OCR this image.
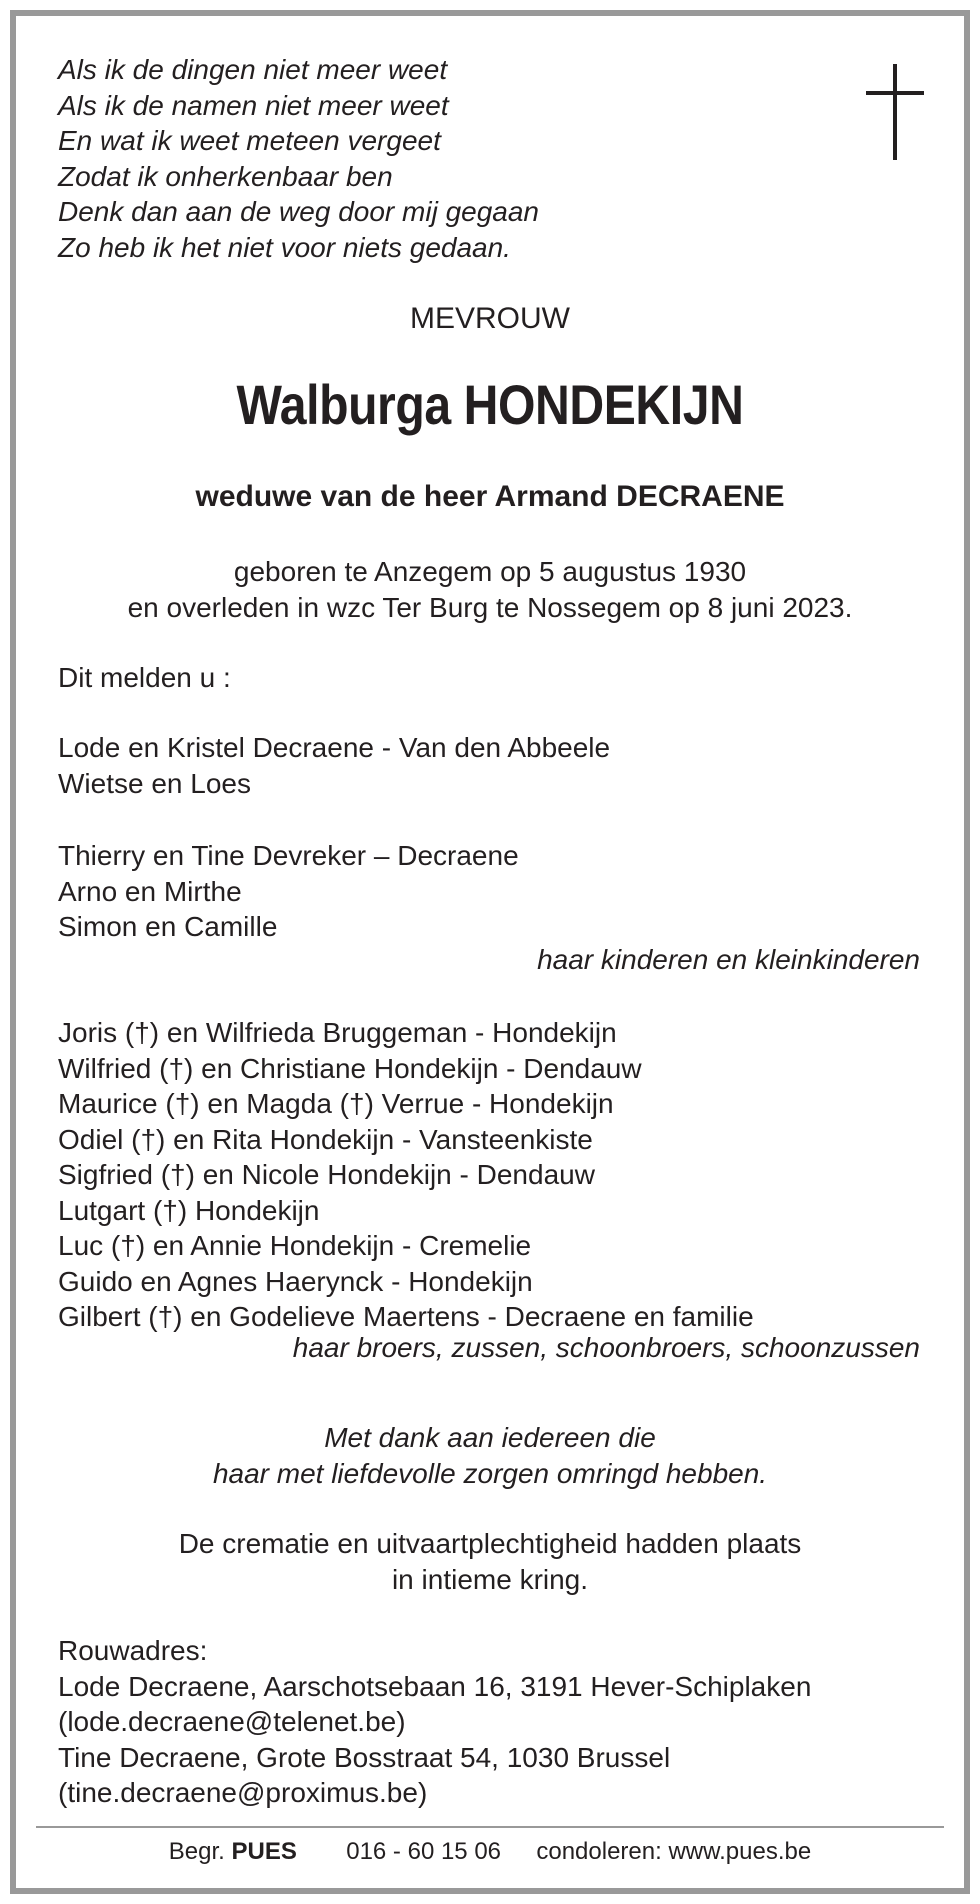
Als ik de dingen niet meer weet
Als ik de namen niet meer weet
En wat ik weet meteen vergeet
Zodat ik onherkenbaar ben
Denk dan aan de weg door mij gegaan
Zo heb ik het niet voor niets gedaan.
MEVROUW
Walburga HONDEKIJN
weduwe van de heer Armand DECRAENE
geboren te Anzegem op 5 augustus 1930
en overleden in wzc Ter Burg te Nossegem op 8 juni 2023.
Dit melden u :
Lode en Kristel Decraene - Van den Abbeele
Wietse en Loes
Thierry en Tine Devreker – Decraene
Arno en Mirthe
Simon en Camille
haar kinderen en kleinkinderen
Joris (†) en Wilfrieda Bruggeman - Hondekijn
Wilfried (†) en Christiane Hondekijn - Dendauw
Maurice (†) en Magda (†) Verrue - Hondekijn
Odiel (†) en Rita Hondekijn - Vansteenkiste
Sigfried (†) en Nicole Hondekijn - Dendauw
Lutgart (†) Hondekijn
Luc (†) en Annie Hondekijn - Cremelie
Guido en Agnes Haerynck - Hondekijn
Gilbert (†) en Godelieve Maertens - Decraene en familie
haar broers, zussen, schoonbroers, schoonzussen
Met dank aan iedereen die
haar met liefdevolle zorgen omringd hebben.
De crematie en uitvaartplechtigheid hadden plaats
in intieme kring.
Rouwadres:
Lode Decraene, Aarschotsebaan 16, 3191 Hever-Schiplaken
(lode.decraene@telenet.be)
Tine Decraene, Grote Bosstraat 54, 1030 Brussel
(tine.decraene@proximus.be)
Begr. PUES 016 - 60 15 06 condoleren: www.pues.be
